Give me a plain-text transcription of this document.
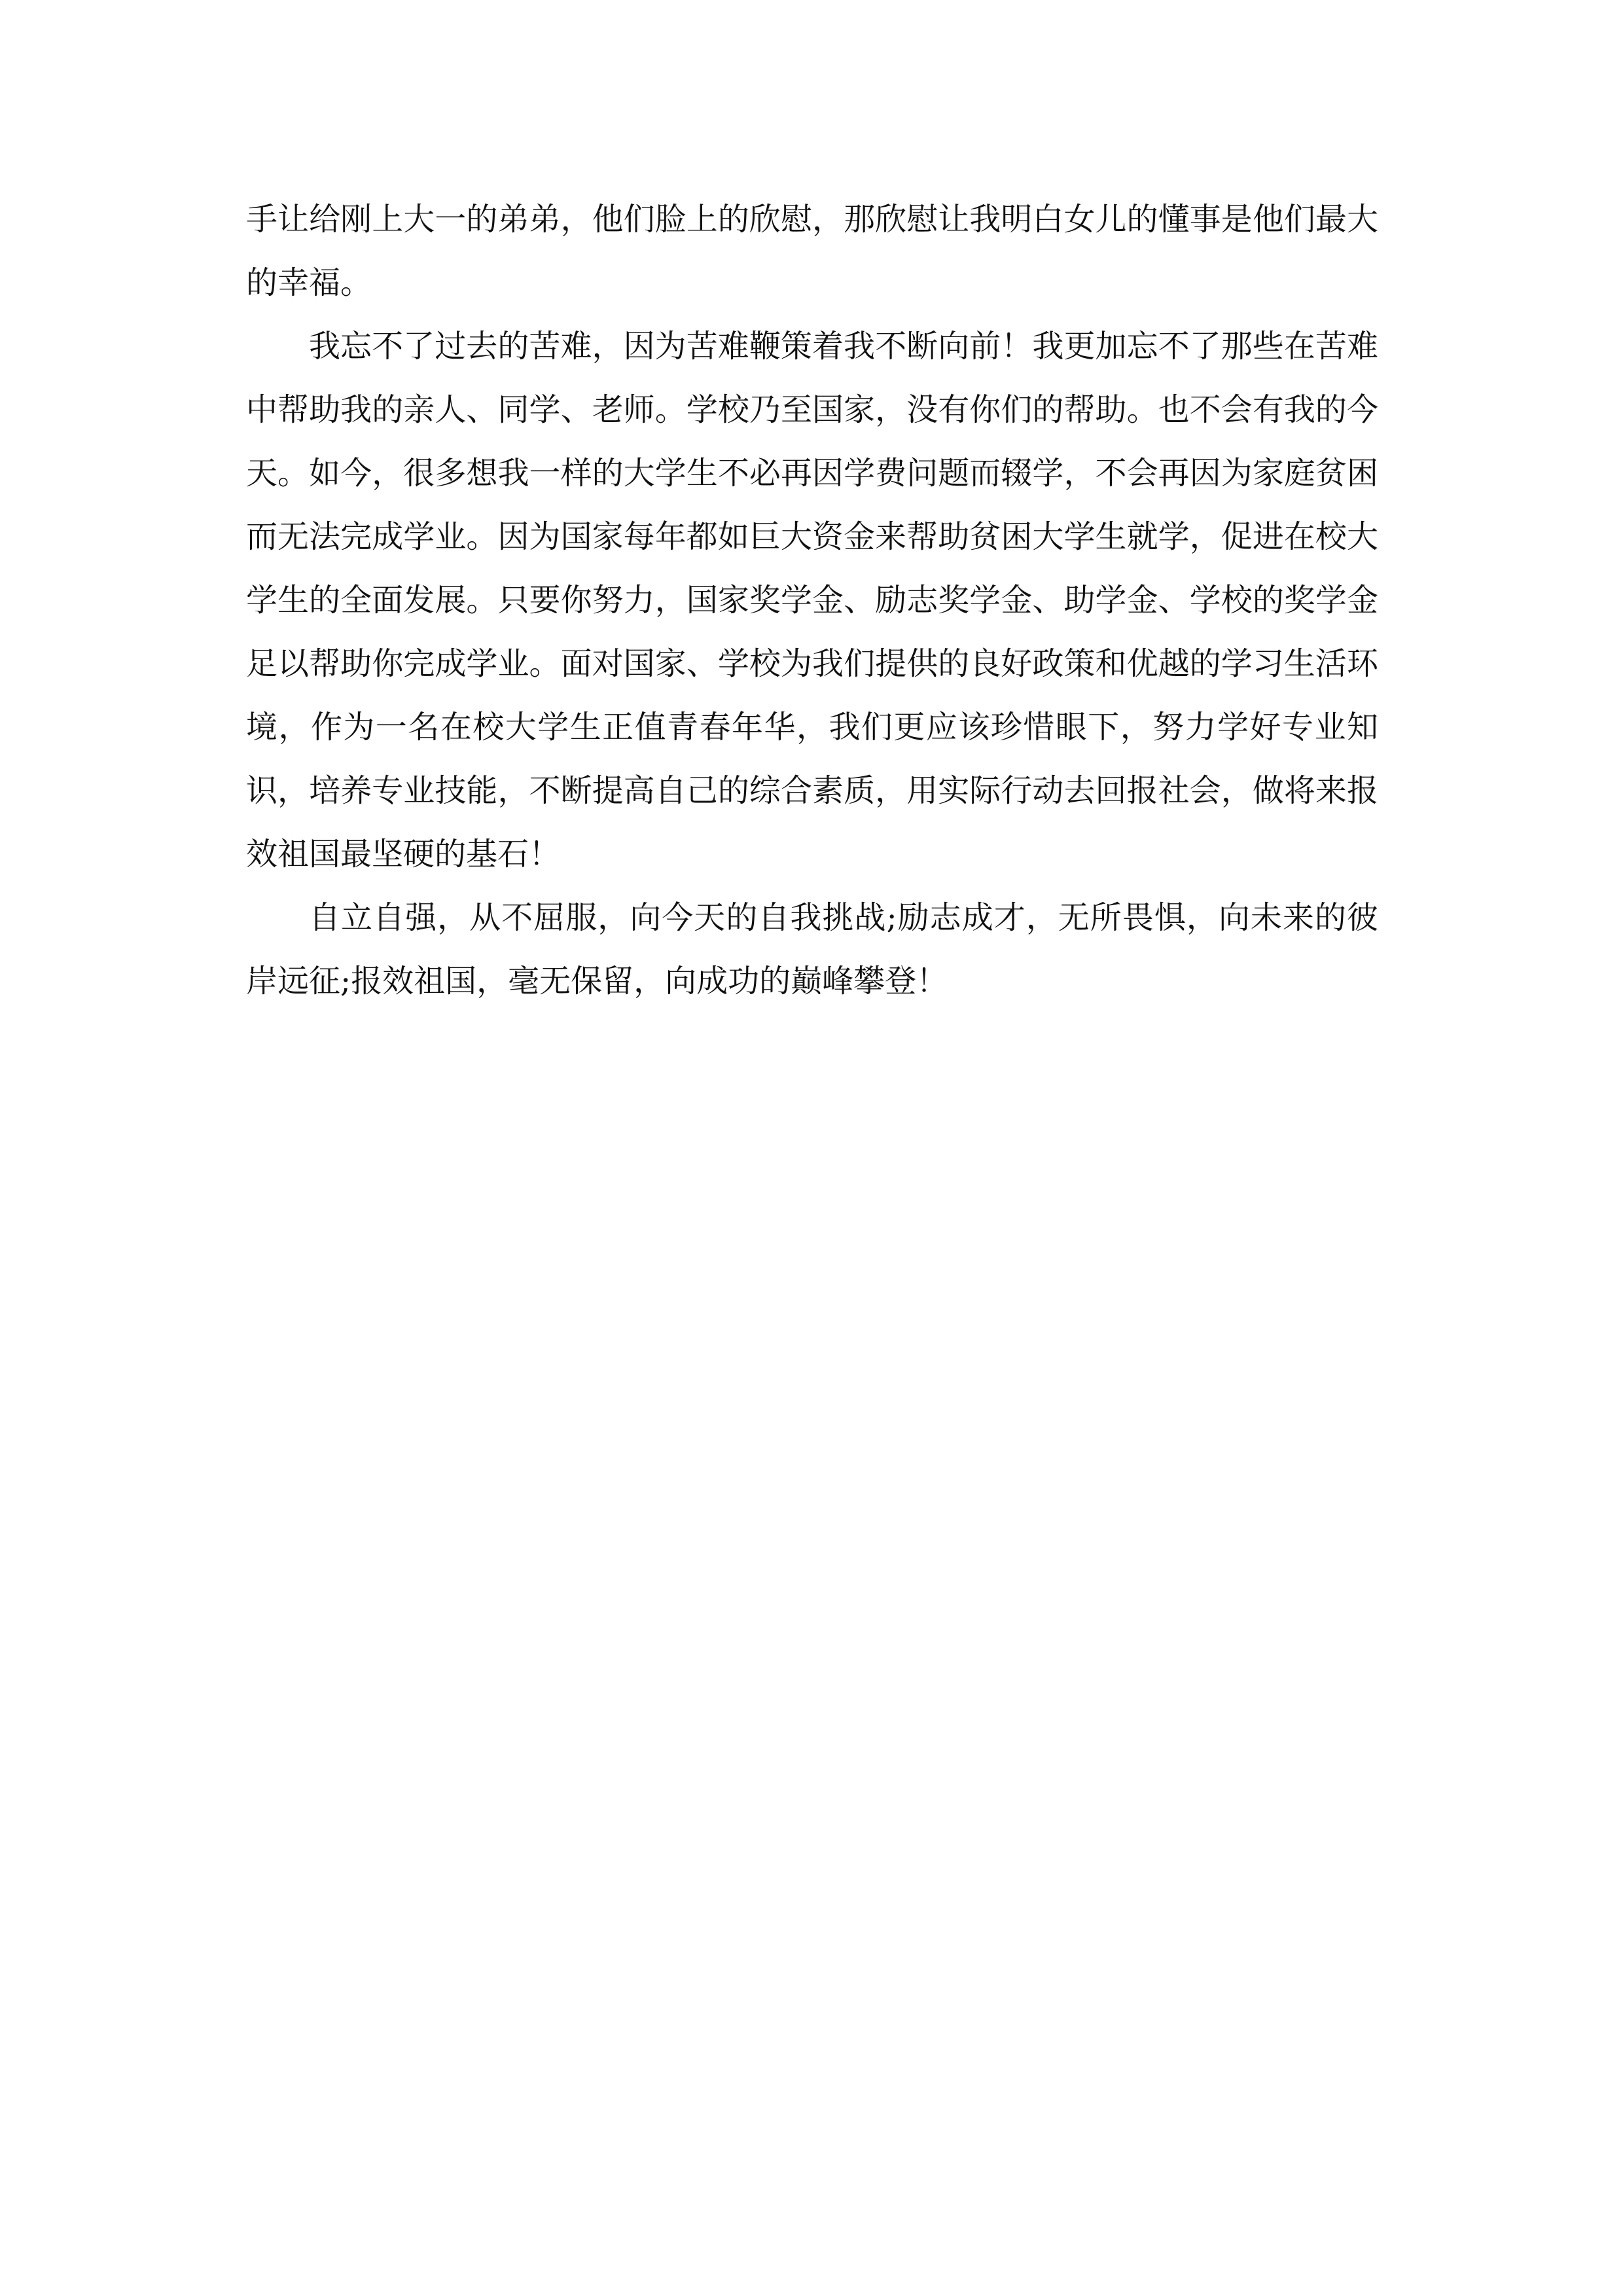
手让给刚上大一的弟弟，他们脸上的欣慰，那欣慰让我明白女儿的懂事是他们最大的幸福。

我忘不了过去的苦难，因为苦难鞭策着我不断向前！我更加忘不了那些在苦难中帮助我的亲人、同学、老师。学校乃至国家，没有你们的帮助。也不会有我的今天。如今，很多想我一样的大学生不必再因学费问题而辍学，不会再因为家庭贫困而无法完成学业。因为国家每年都如巨大资金来帮助贫困大学生就学，促进在校大学生的全面发展。只要你努力，国家奖学金、励志奖学金、助学金、学校的奖学金足以帮助你完成学业。面对国家、学校为我们提供的良好政策和优越的学习生活环境，作为一名在校大学生正值青春年华，我们更应该珍惜眼下，努力学好专业知识，培养专业技能，不断提高自己的综合素质，用实际行动去回报社会，做将来报效祖国最坚硬的基石！

自立自强，从不屈服，向今天的自我挑战;励志成才，无所畏惧，向未来的彼岸远征;报效祖国，毫无保留，向成功的巅峰攀登！
